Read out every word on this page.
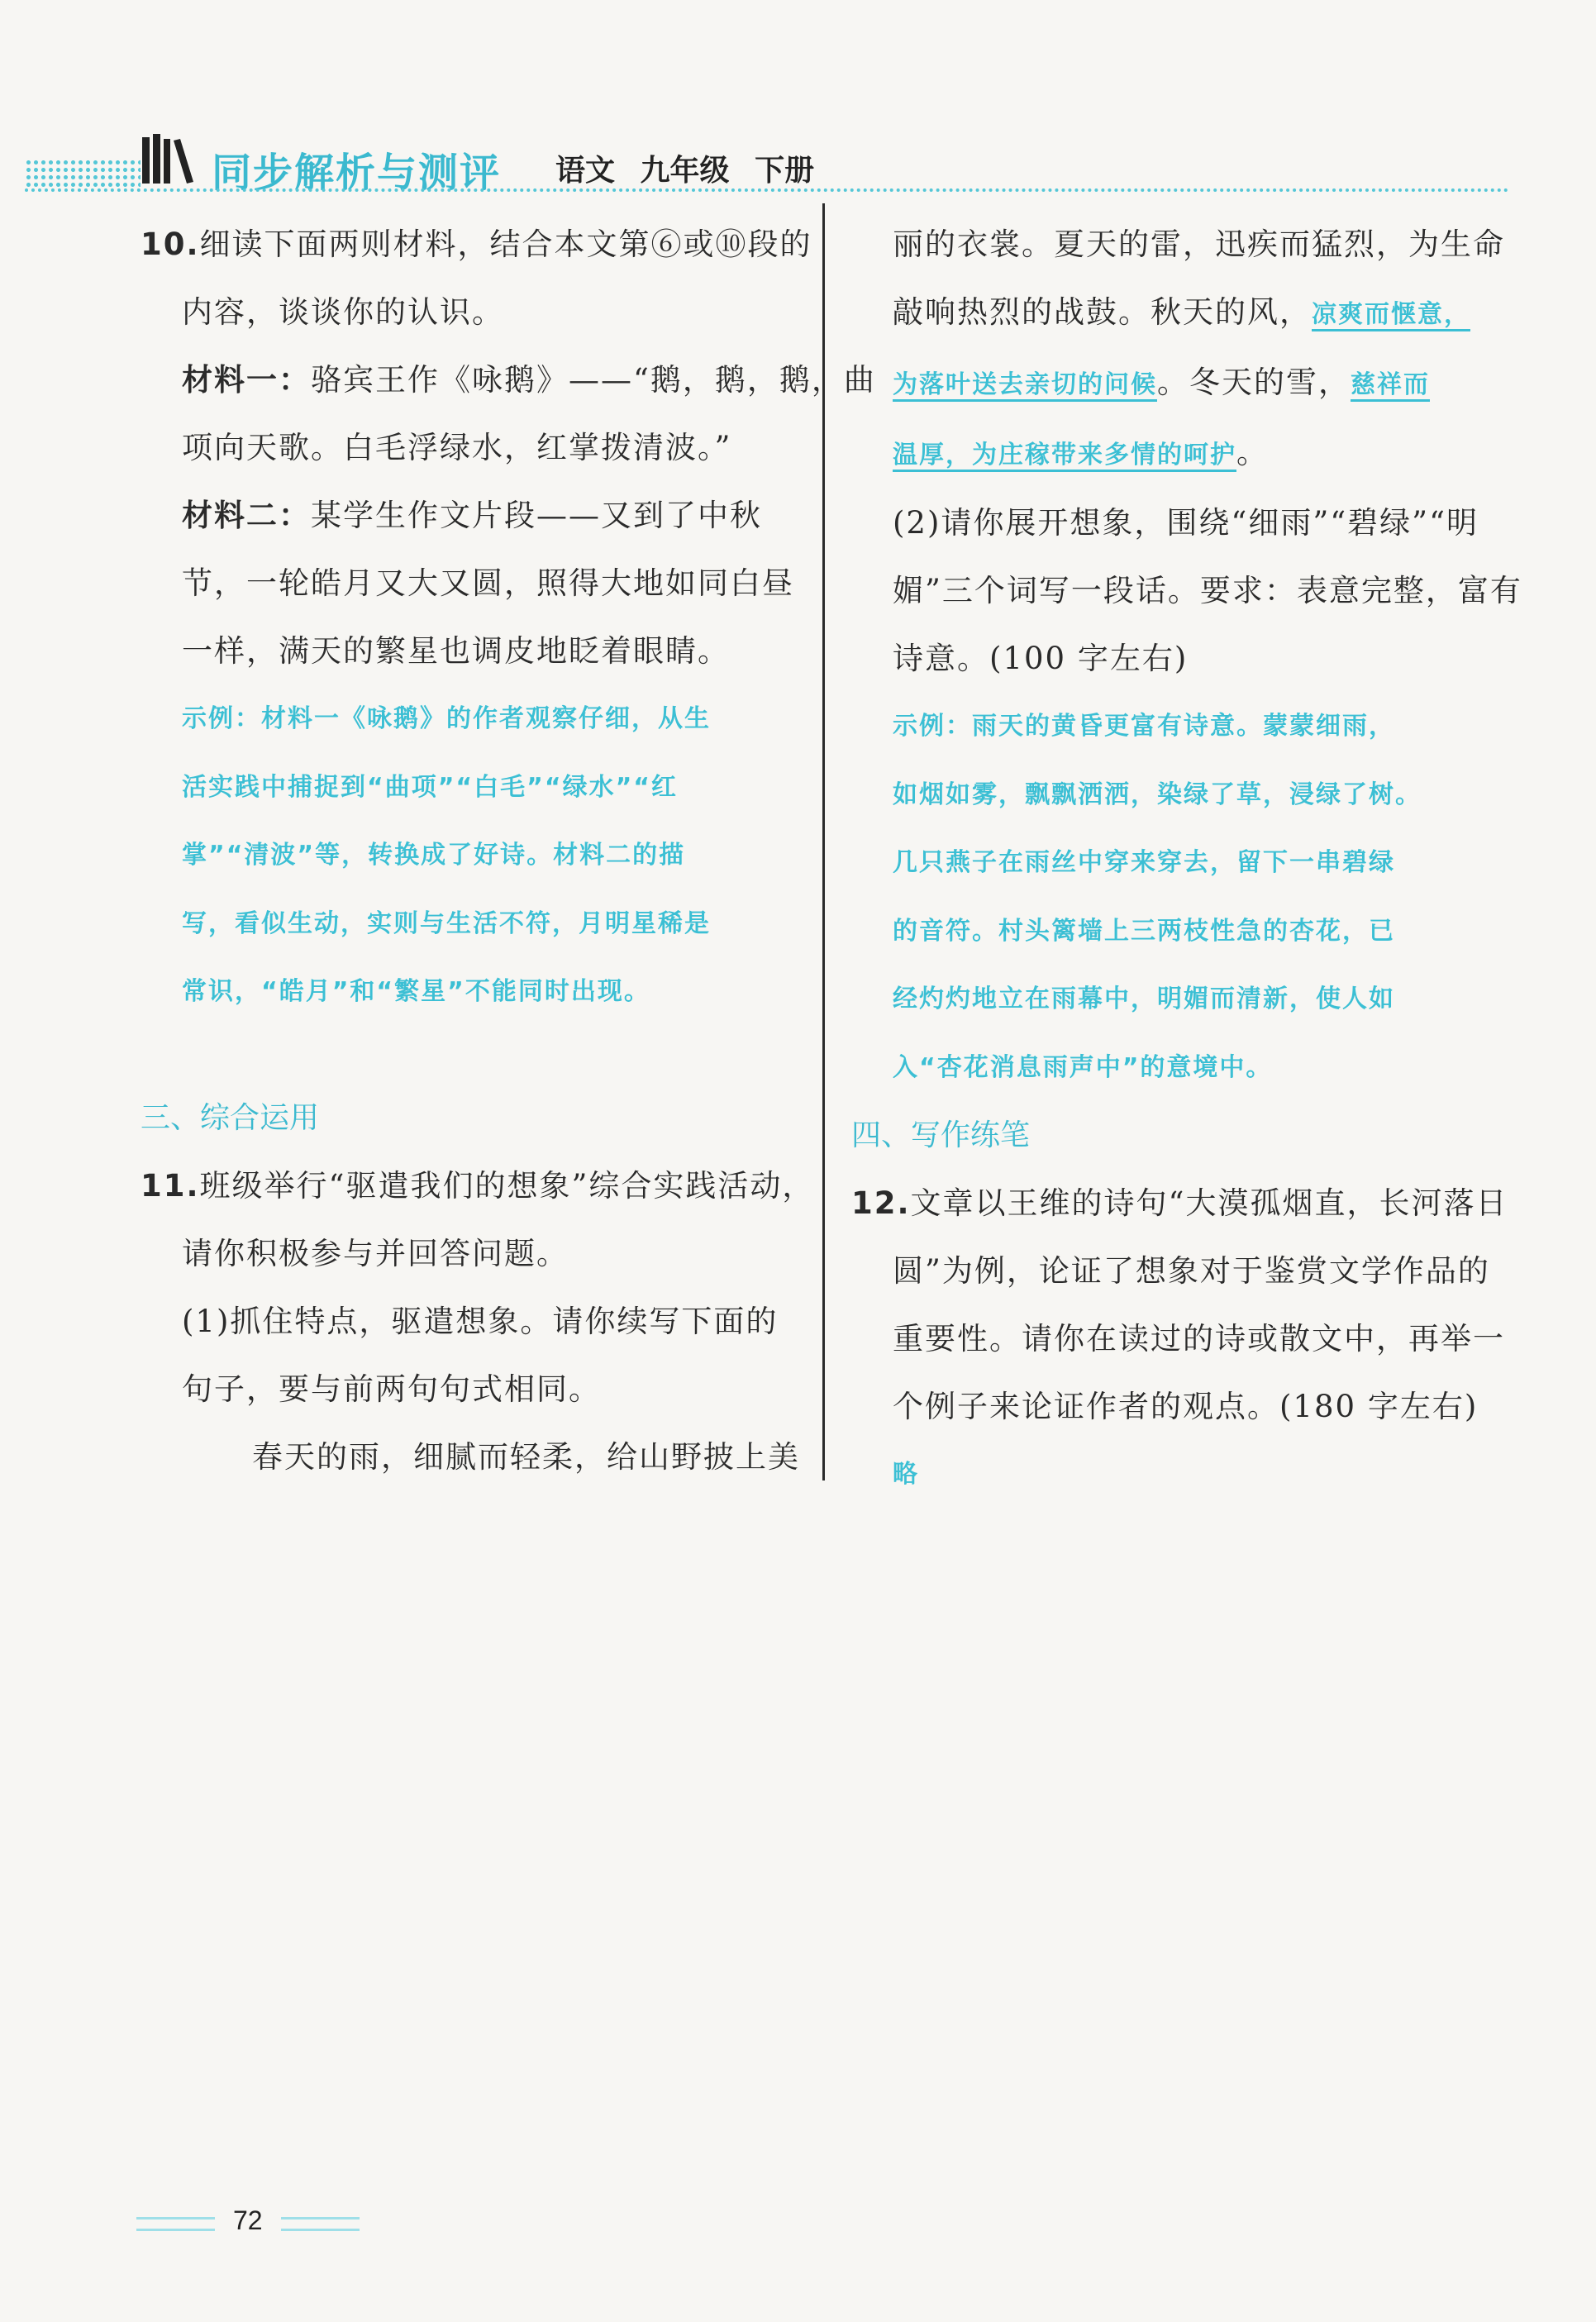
同步解析与测评 语文 九年级 下册
10.细读下面两则材料，结合本文第⑥或⑩段的
内容，谈谈你的认识。
材料一：骆宾王作《咏鹅》——“鹅，鹅，鹅，曲
项向天歌。白毛浮绿水，红掌拨清波。”
材料二：某学生作文片段——又到了中秋
节，一轮皓月又大又圆，照得大地如同白昼
一样，满天的繁星也调皮地眨着眼睛。
示例：材料一《咏鹅》的作者观察仔细，从生
活实践中捕捉到“曲项”“白毛”“绿水”“红
掌”“清波”等，转换成了好诗。材料二的描
写，看似生动，实则与生活不符，月明星稀是
常识，“皓月”和“繁星”不能同时出现。
三、综合运用
11.班级举行“驱遣我们的想象”综合实践活动，
请你积极参与并回答问题。
(1)抓住特点，驱遣想象。请你续写下面的
句子，要与前两句句式相同。
春天的雨，细腻而轻柔，给山野披上美
丽的衣裳。夏天的雷，迅疾而猛烈，为生命
敲响热烈的战鼓。秋天的风，凉爽而惬意，
为落叶送去亲切的问候。冬天的雪，慈祥而
温厚，为庄稼带来多情的呵护。
(2)请你展开想象，围绕“细雨”“碧绿”“明
媚”三个词写一段话。要求：表意完整，富有
诗意。(100 字左右)
示例：雨天的黄昏更富有诗意。蒙蒙细雨，
如烟如雾，飘飘洒洒，染绿了草，浸绿了树。
几只燕子在雨丝中穿来穿去，留下一串碧绿
的音符。村头篱墙上三两枝性急的杏花，已
经灼灼地立在雨幕中，明媚而清新，使人如
入“杏花消息雨声中”的意境中。
四、写作练笔
12.文章以王维的诗句“大漠孤烟直，长河落日
圆”为例，论证了想象对于鉴赏文学作品的
重要性。请你在读过的诗或散文中，再举一
个例子来论证作者的观点。(180 字左右)
略
72
